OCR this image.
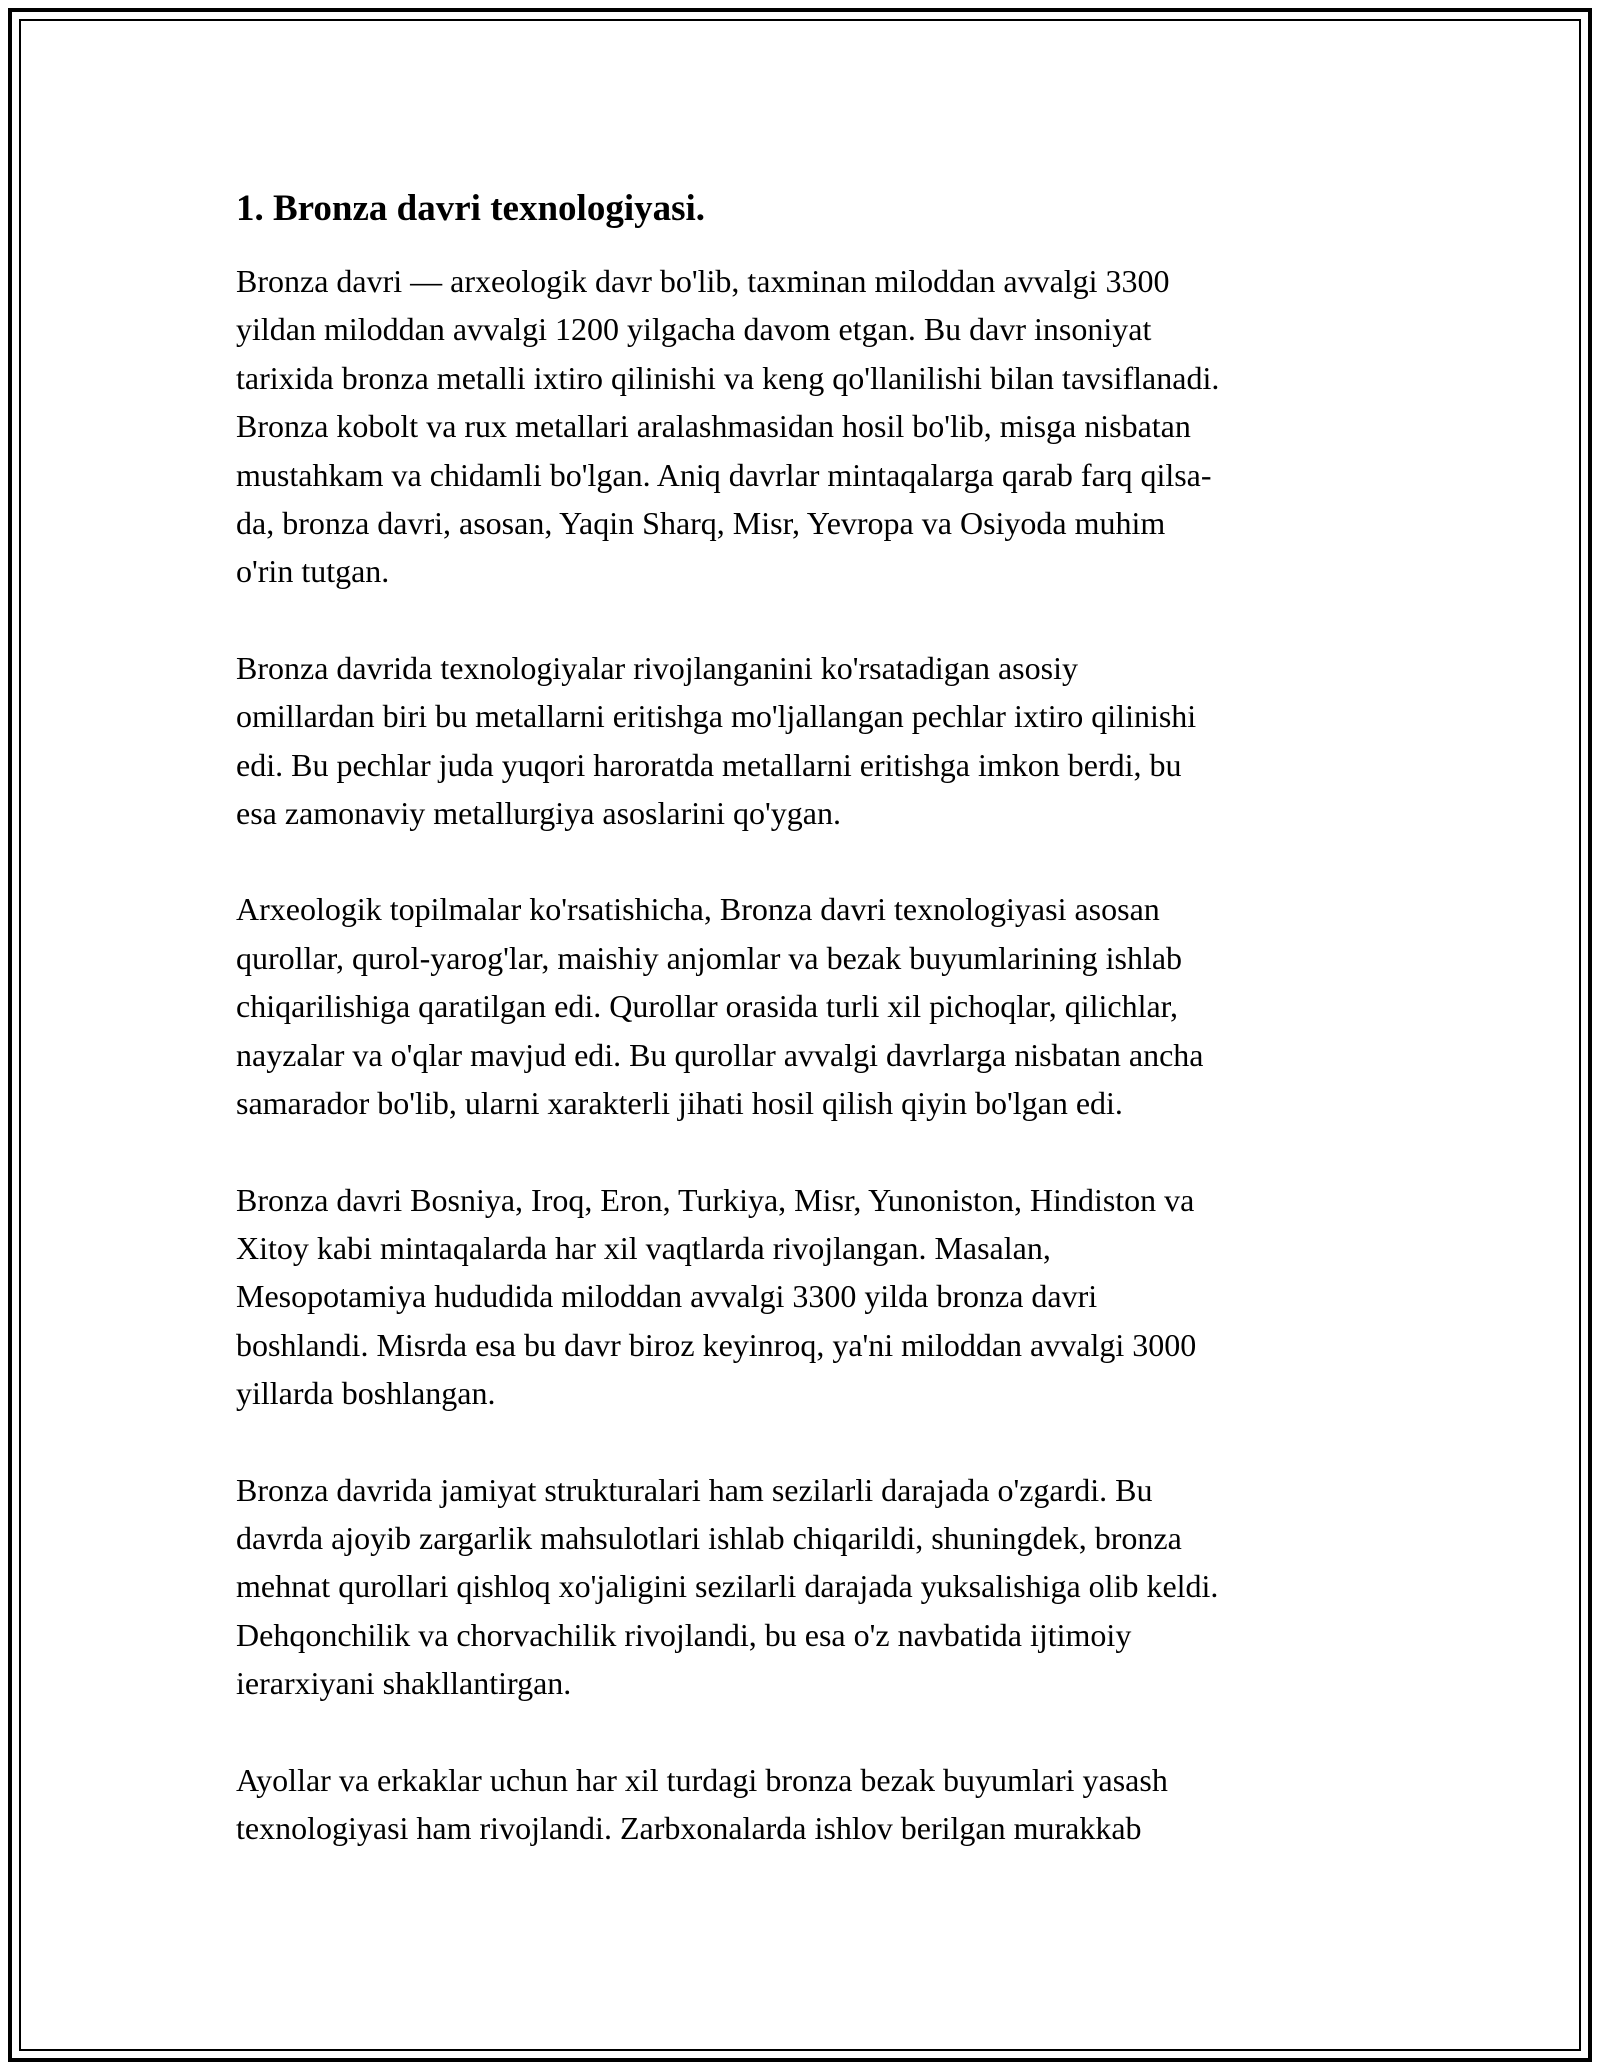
1. Bronza davri texnologiyasi.
Bronza davri — arxeologik davr bo'lib, taxminan miloddan avvalgi 3300
yildan miloddan avvalgi 1200 yilgacha davom etgan. Bu davr insoniyat
tarixida bronza metalli ixtiro qilinishi va keng qo'llanilishi bilan tavsiflanadi.
Bronza kobolt va rux metallari aralashmasidan hosil bo'lib, misga nisbatan
mustahkam va chidamli bo'lgan. Aniq davrlar mintaqalarga qarab farq qilsa-
da, bronza davri, asosan, Yaqin Sharq, Misr, Yevropa va Osiyoda muhim
o'rin tutgan.
Bronza davrida texnologiyalar rivojlanganini ko'rsatadigan asosiy
omillardan biri bu metallarni eritishga mo'ljallangan pechlar ixtiro qilinishi
edi. Bu pechlar juda yuqori haroratda metallarni eritishga imkon berdi, bu
esa zamonaviy metallurgiya asoslarini qo'ygan.
Arxeologik topilmalar ko'rsatishicha, Bronza davri texnologiyasi asosan
qurollar, qurol-yarog'lar, maishiy anjomlar va bezak buyumlarining ishlab
chiqarilishiga qaratilgan edi. Qurollar orasida turli xil pichoqlar, qilichlar,
nayzalar va o'qlar mavjud edi. Bu qurollar avvalgi davrlarga nisbatan ancha
samarador bo'lib, ularni xarakterli jihati hosil qilish qiyin bo'lgan edi.
Bronza davri Bosniya, Iroq, Eron, Turkiya, Misr, Yunoniston, Hindiston va
Xitoy kabi mintaqalarda har xil vaqtlarda rivojlangan. Masalan,
Mesopotamiya hududida miloddan avvalgi 3300 yilda bronza davri
boshlandi. Misrda esa bu davr biroz keyinroq, ya'ni miloddan avvalgi 3000
yillarda boshlangan.
Bronza davrida jamiyat strukturalari ham sezilarli darajada o'zgardi. Bu
davrda ajoyib zargarlik mahsulotlari ishlab chiqarildi, shuningdek, bronza
mehnat qurollari qishloq xo'jaligini sezilarli darajada yuksalishiga olib keldi.
Dehqonchilik va chorvachilik rivojlandi, bu esa o'z navbatida ijtimoiy
ierarxiyani shakllantirgan.
Ayollar va erkaklar uchun har xil turdagi bronza bezak buyumlari yasash
texnologiyasi ham rivojlandi. Zarbxonalarda ishlov berilgan murakkab
